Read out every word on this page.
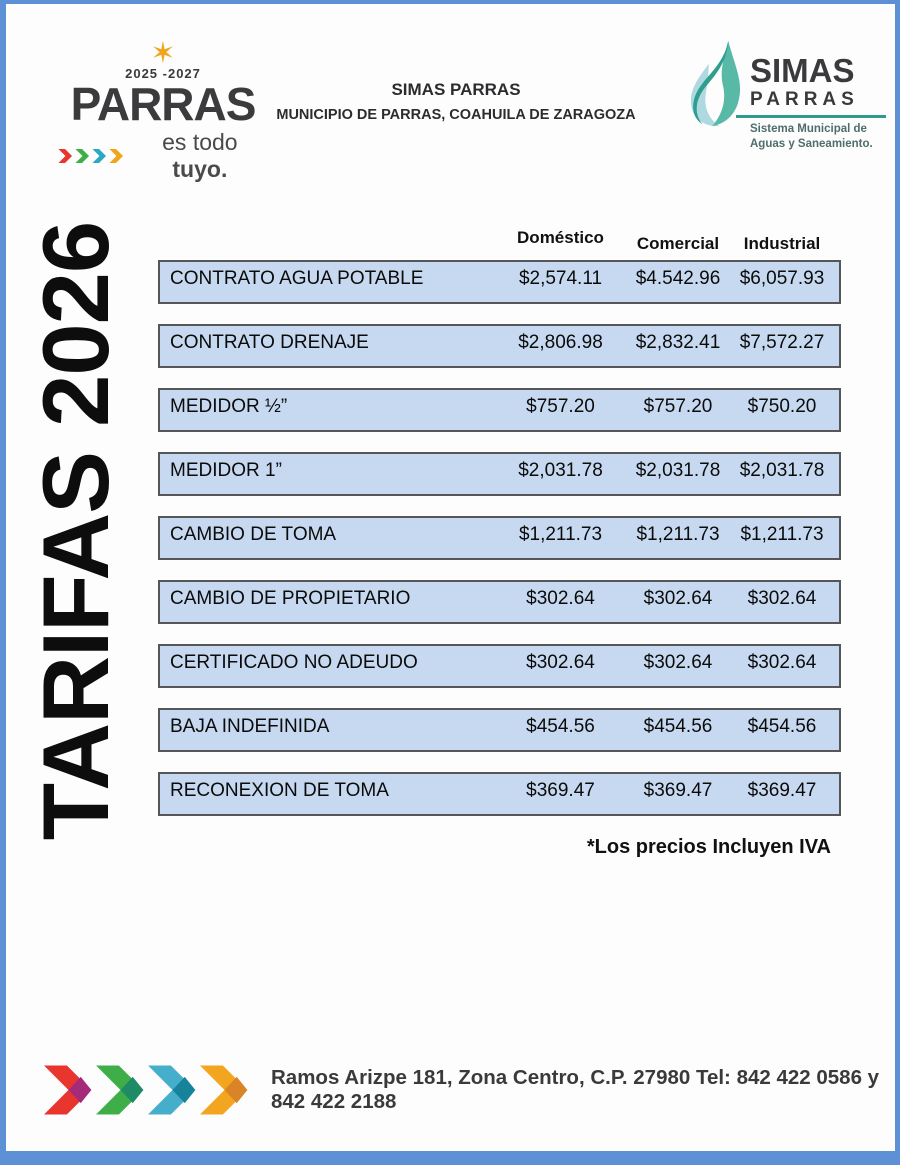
✶
2025 -2027
PARRAS
es todo tuyo.
SIMAS PARRAS
MUNICIPIO DE PARRAS, COAHUILA DE ZARAGOZA
SIMAS
PARRAS
Sistema Municipal de
Aguas y Saneamiento.
TARIFAS 2026	Doméstico	Comercial	Industrial
CONTRATO AGUA POTABLE	$2,574.11	$4.542.96	$6,057.93
CONTRATO DRENAJE	$2,806.98	$2,832.41	$7,572.27
MEDIDOR ½”	$757.20	$757.20	$750.20
MEDIDOR 1”	$2,031.78	$2,031.78	$2,031.78
CAMBIO DE TOMA	$1,211.73	$1,211.73	$1,211.73
CAMBIO DE PROPIETARIO	$302.64	$302.64	$302.64
CERTIFICADO NO ADEUDO	$302.64	$302.64	$302.64
BAJA INDEFINIDA	$454.56	$454.56	$454.56
RECONEXION DE TOMA	$369.47	$369.47	$369.47
*Los precios Incluyen IVA
Ramos Arizpe 181, Zona Centro, C.P. 27980 Tel: 842 422 0586 y 842 422 2188
